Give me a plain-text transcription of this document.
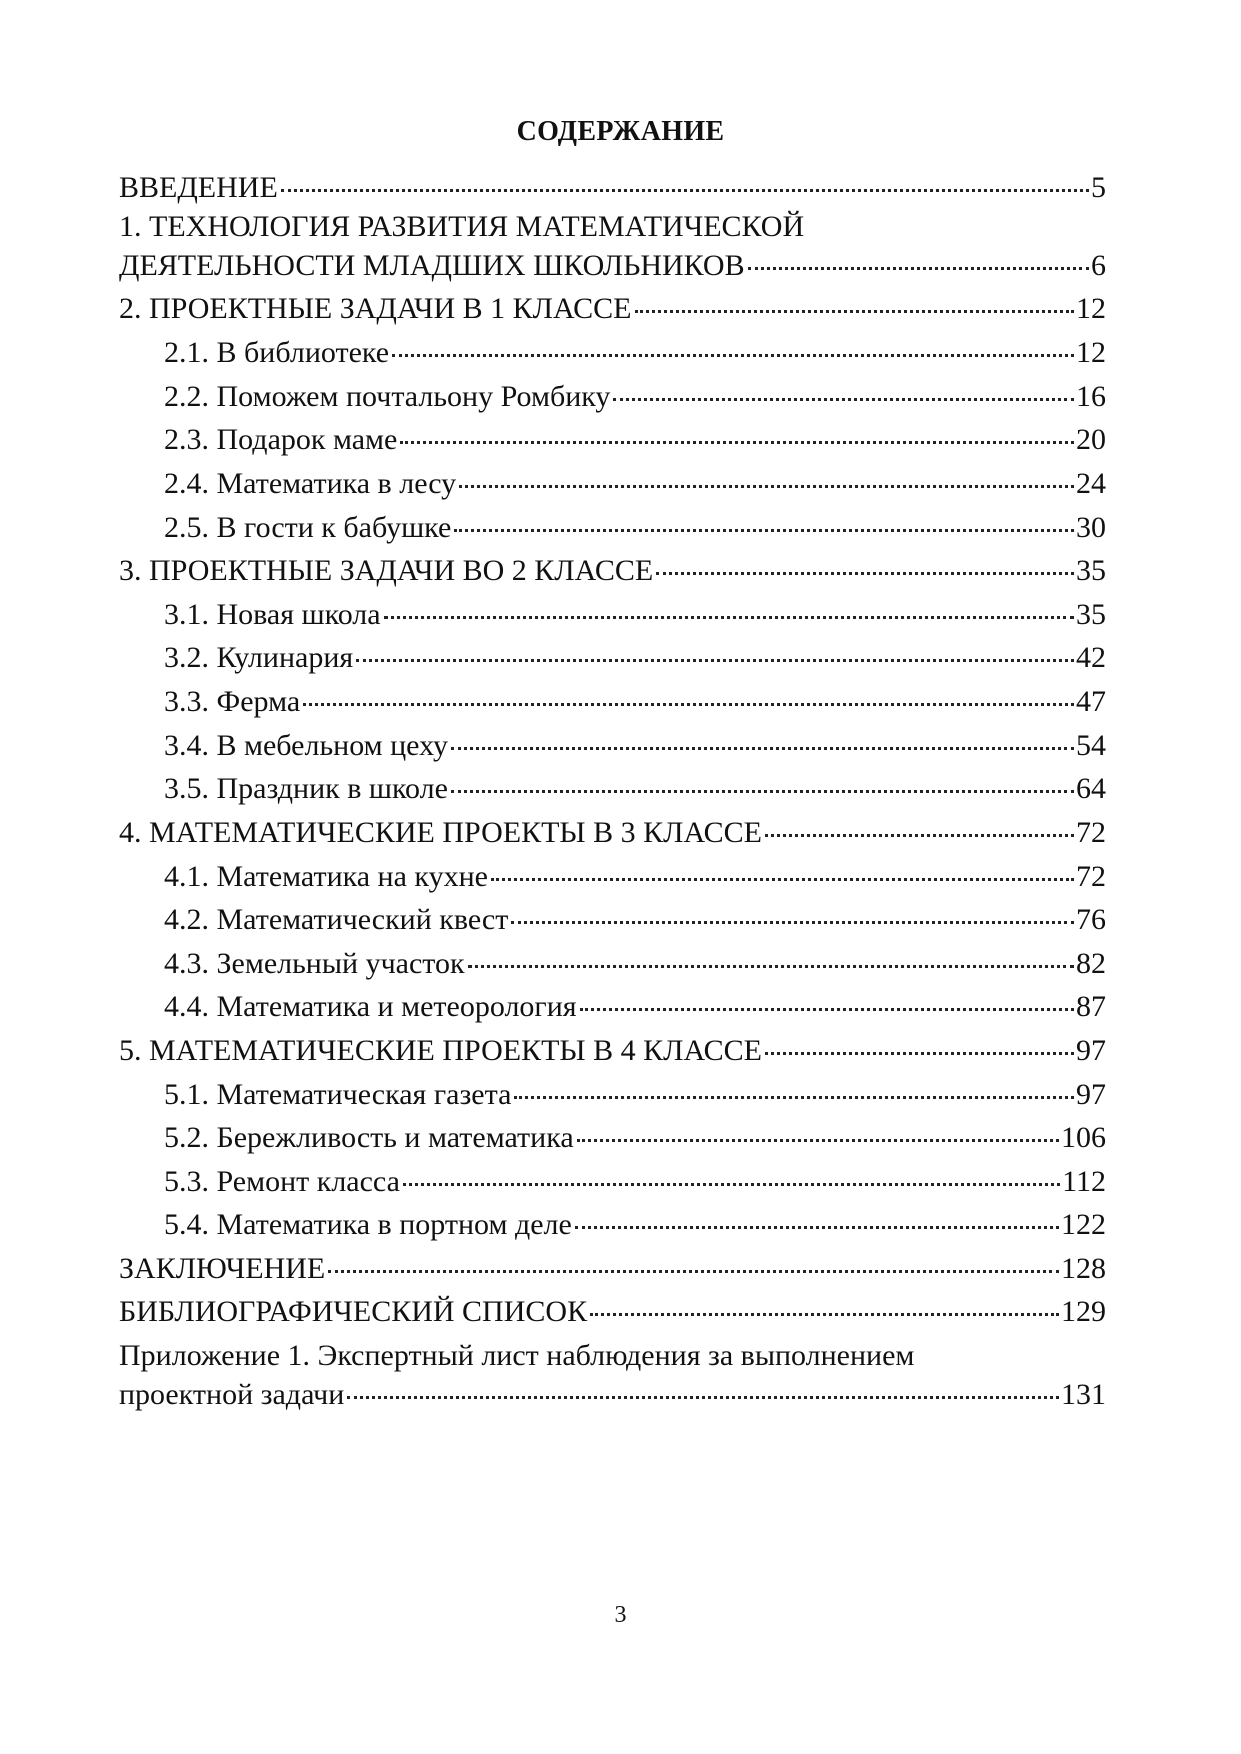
СОДЕРЖАНИЕ
ВВЕДЕНИЕ	5
1. ТЕХНОЛОГИЯ РАЗВИТИЯ МАТЕМАТИЧЕСКОЙ
ДЕЯТЕЛЬНОСТИ МЛАДШИХ ШКОЛЬНИКОВ	6
2. ПРОЕКТНЫЕ ЗАДАЧИ В 1 КЛАССЕ	12
2.1. В библиотеке	12
2.2. Поможем почтальону Ромбику	16
2.3. Подарок маме	20
2.4. Математика в лесу	24
2.5. В гости к бабушке	30
3. ПРОЕКТНЫЕ ЗАДАЧИ ВО 2 КЛАССЕ	35
3.1. Новая школа	35
3.2. Кулинария	42
3.3. Ферма	47
3.4. В мебельном цеху	54
3.5. Праздник в школе	64
4. МАТЕМАТИЧЕСКИЕ ПРОЕКТЫ В 3 КЛАССЕ	72
4.1. Математика на кухне	72
4.2. Математический квест	76
4.3. Земельный участок	82
4.4. Математика и метеорология	87
5. МАТЕМАТИЧЕСКИЕ ПРОЕКТЫ В 4 КЛАССЕ	97
5.1. Математическая газета	97
5.2. Бережливость и математика	106
5.3. Ремонт класса	112
5.4. Математика в портном деле	122
ЗАКЛЮЧЕНИЕ	128
БИБЛИОГРАФИЧЕСКИЙ СПИСОК	129
Приложение 1. Экспертный лист наблюдения за выполнением
проектной задачи	131
3
